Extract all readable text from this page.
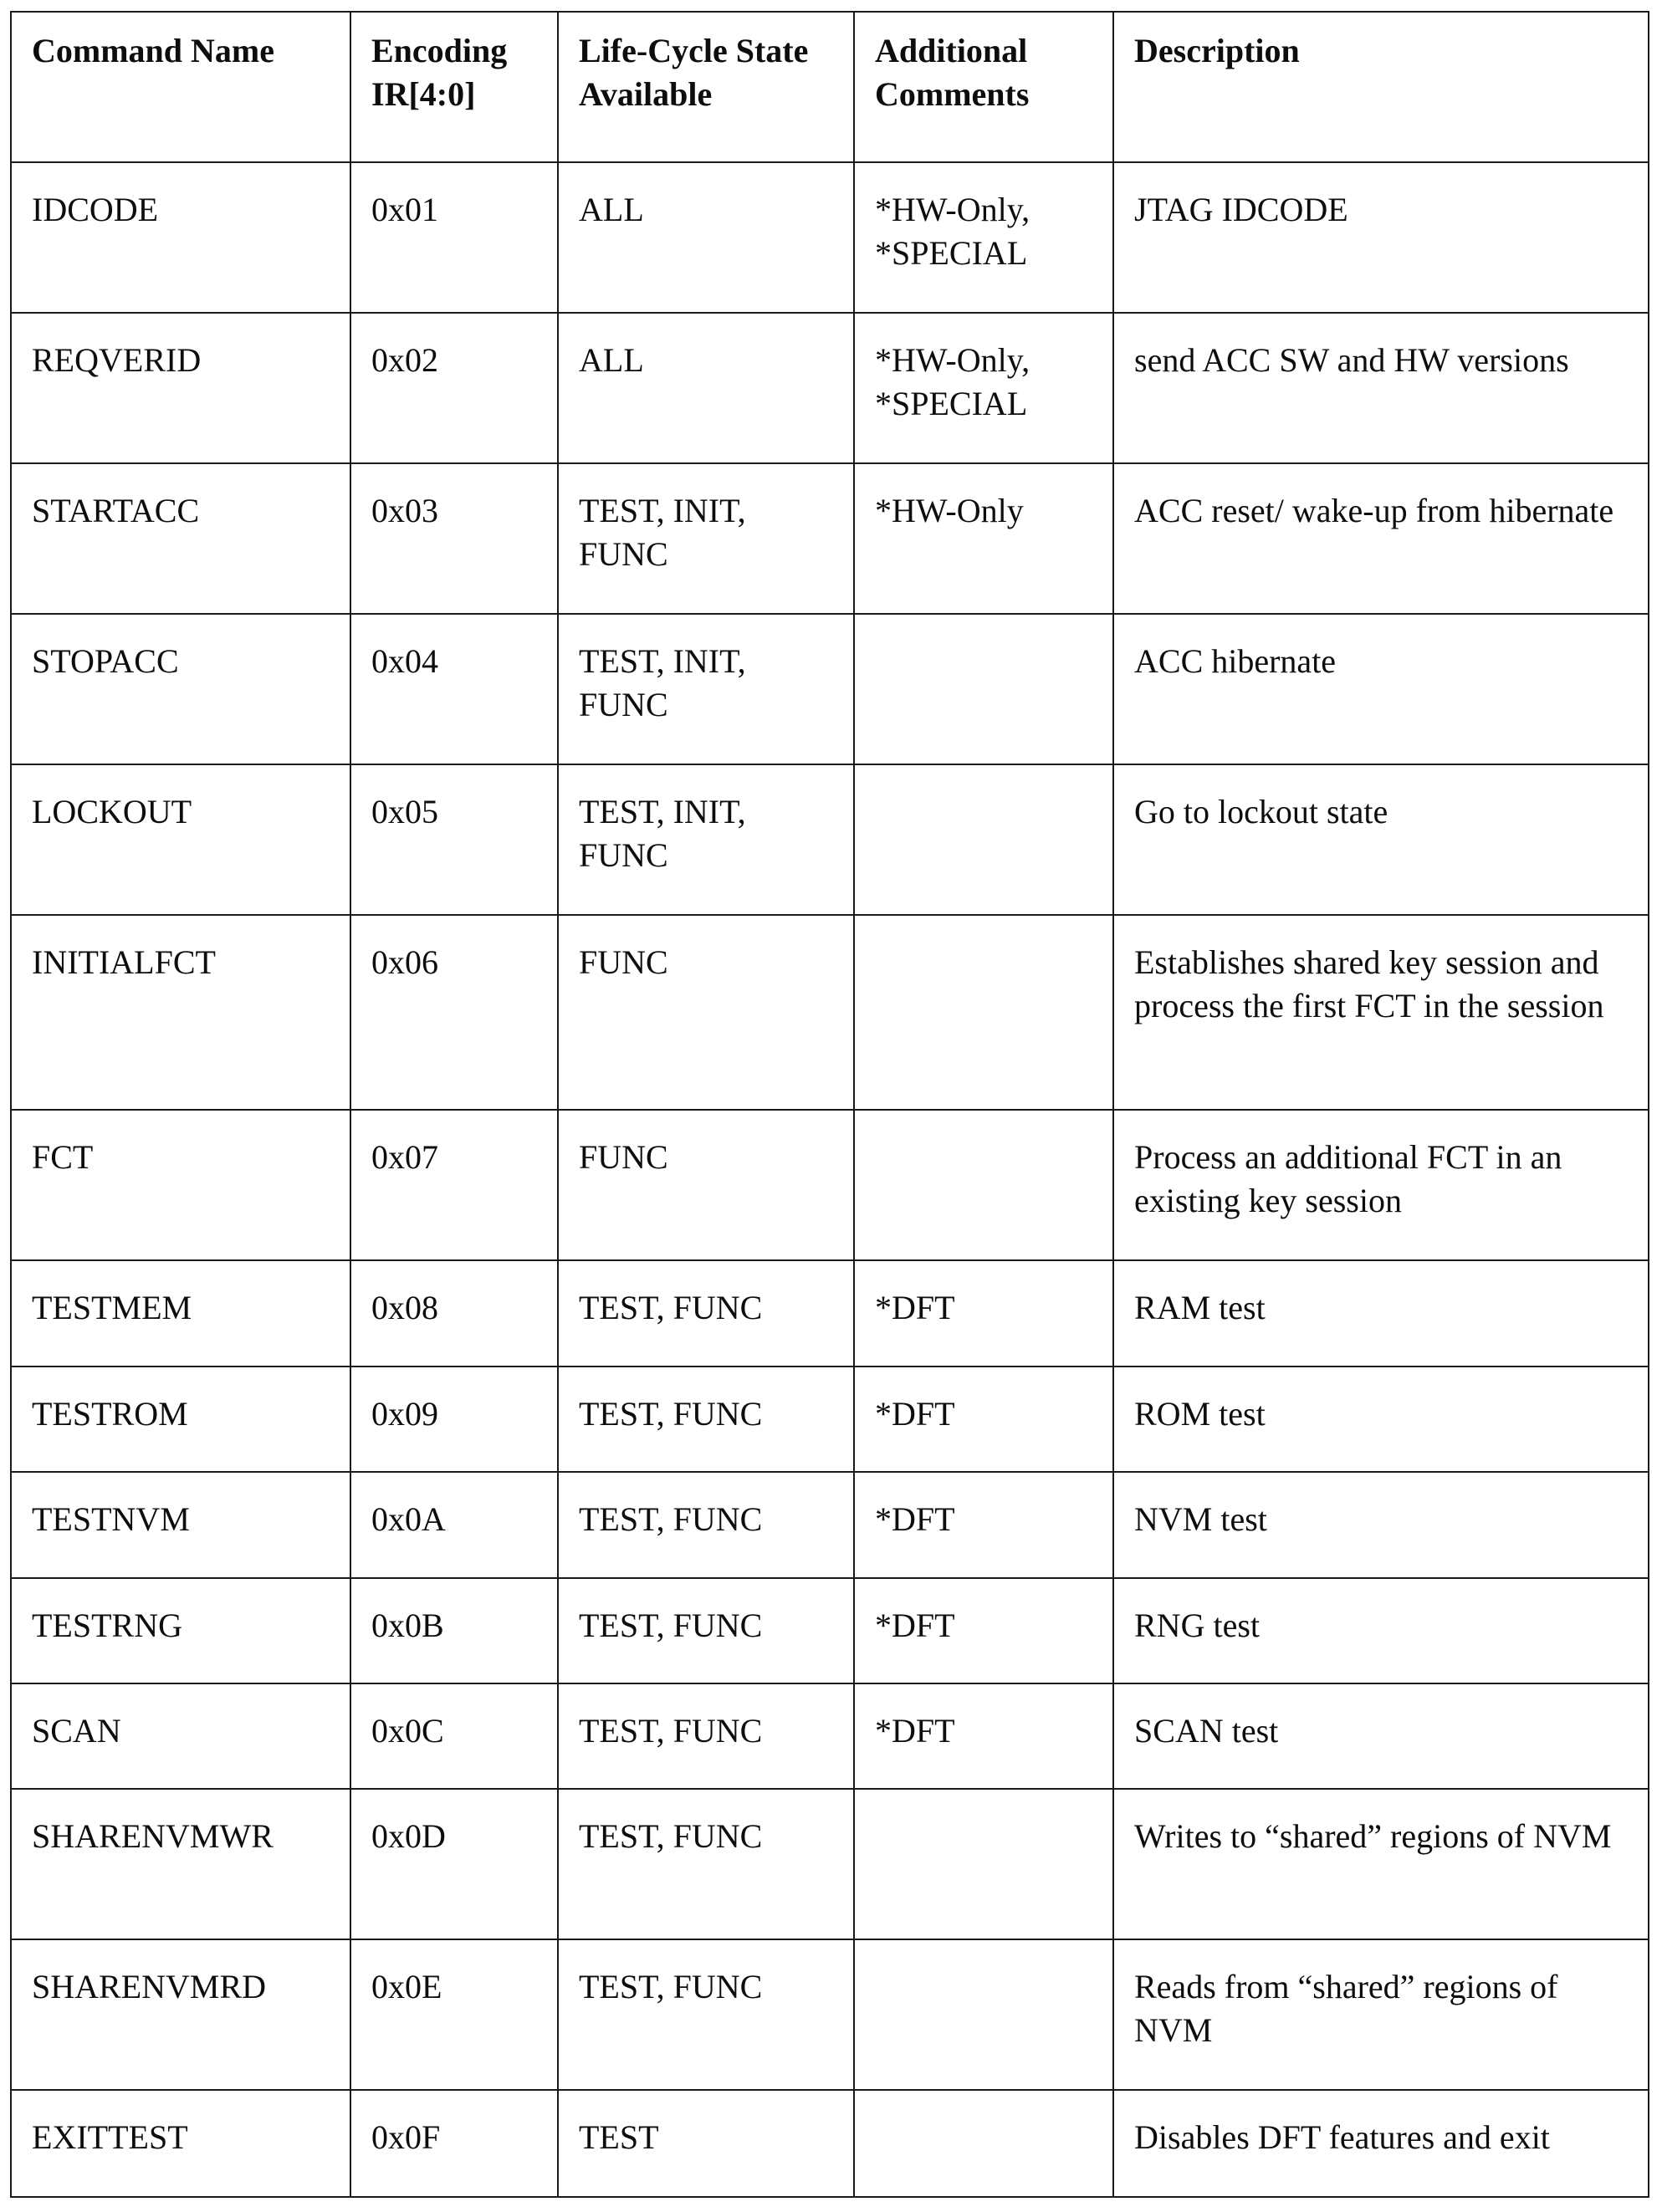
Command Name	Encoding IR[4:0]	Life-Cycle State Available	Additional Comments	Description
IDCODE	0x01	ALL	*HW-Only, *SPECIAL	JTAG IDCODE
REQVERID	0x02	ALL	*HW-Only, *SPECIAL	send ACC SW and HW versions
STARTACC	0x03	TEST, INIT, FUNC	*HW-Only	ACC reset/ wake-up from hibernate
STOPACC	0x04	TEST, INIT, FUNC		ACC hibernate
LOCKOUT	0x05	TEST, INIT, FUNC		Go to lockout state
INITIALFCT	0x06	FUNC		Establishes shared key session and process the first FCT in the session
FCT	0x07	FUNC		Process an additional FCT in an existing key session
TESTMEM	0x08	TEST, FUNC	*DFT	RAM test
TESTROM	0x09	TEST, FUNC	*DFT	ROM test
TESTNVM	0x0A	TEST, FUNC	*DFT	NVM test
TESTRNG	0x0B	TEST, FUNC	*DFT	RNG test
SCAN	0x0C	TEST, FUNC	*DFT	SCAN test
SHARENVMWR	0x0D	TEST, FUNC		Writes to “shared” regions of NVM
SHARENVMRD	0x0E	TEST, FUNC		Reads from “shared” regions of NVM
EXITTEST	0x0F	TEST		Disables DFT features and exit
